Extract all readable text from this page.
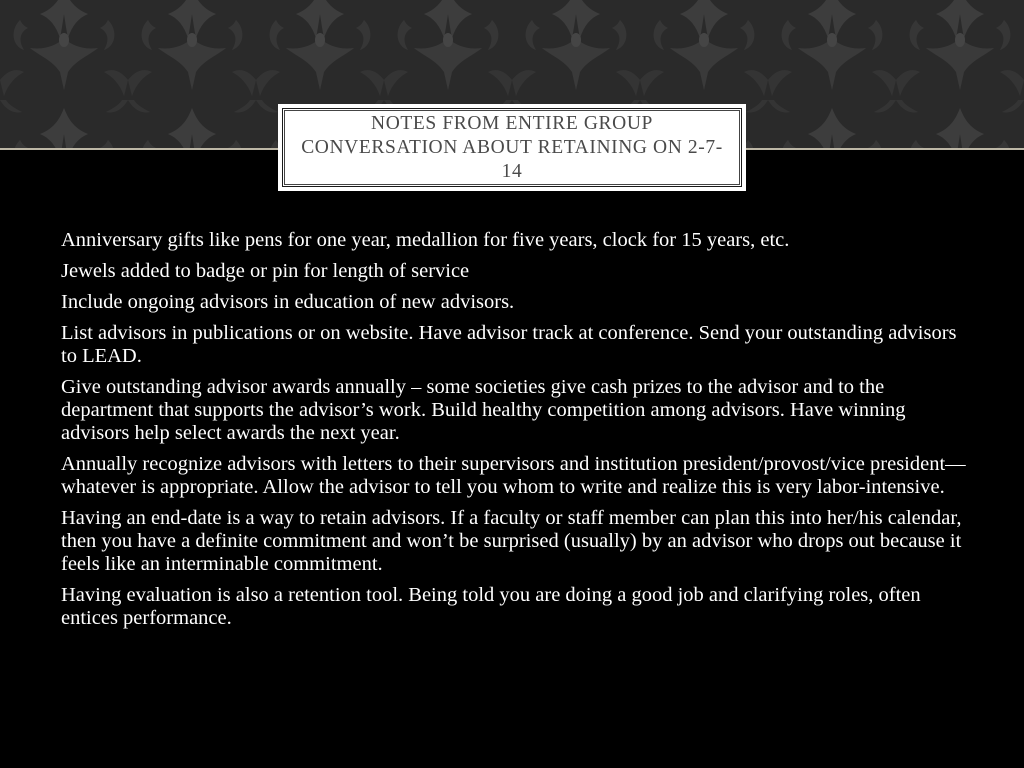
NOTES FROM ENTIRE GROUP CONVERSATION ABOUT RETAINING ON 2-7-14
Anniversary gifts like pens for one year, medallion for five years, clock for 15 years, etc.
Jewels added to badge or pin for length of service
Include ongoing advisors in education of new advisors.
List advisors in publications or on website. Have advisor track at conference. Send your outstanding advisors to LEAD.
Give outstanding advisor awards annually – some societies give cash prizes to the advisor and to the department that supports the advisor’s work. Build healthy competition among advisors. Have winning advisors help select awards the next year.
Annually recognize advisors with letters to their supervisors and institution president/provost/vice president—whatever is appropriate. Allow the advisor to tell you whom to write and realize this is very labor-intensive.
Having an end-date is a way to retain advisors. If a faculty or staff member can plan this into her/his calendar, then you have a definite commitment and won’t be surprised (usually) by an advisor who drops out because it feels like an interminable commitment.
Having evaluation is also a retention tool. Being told you are doing a good job and clarifying roles, often entices performance.
